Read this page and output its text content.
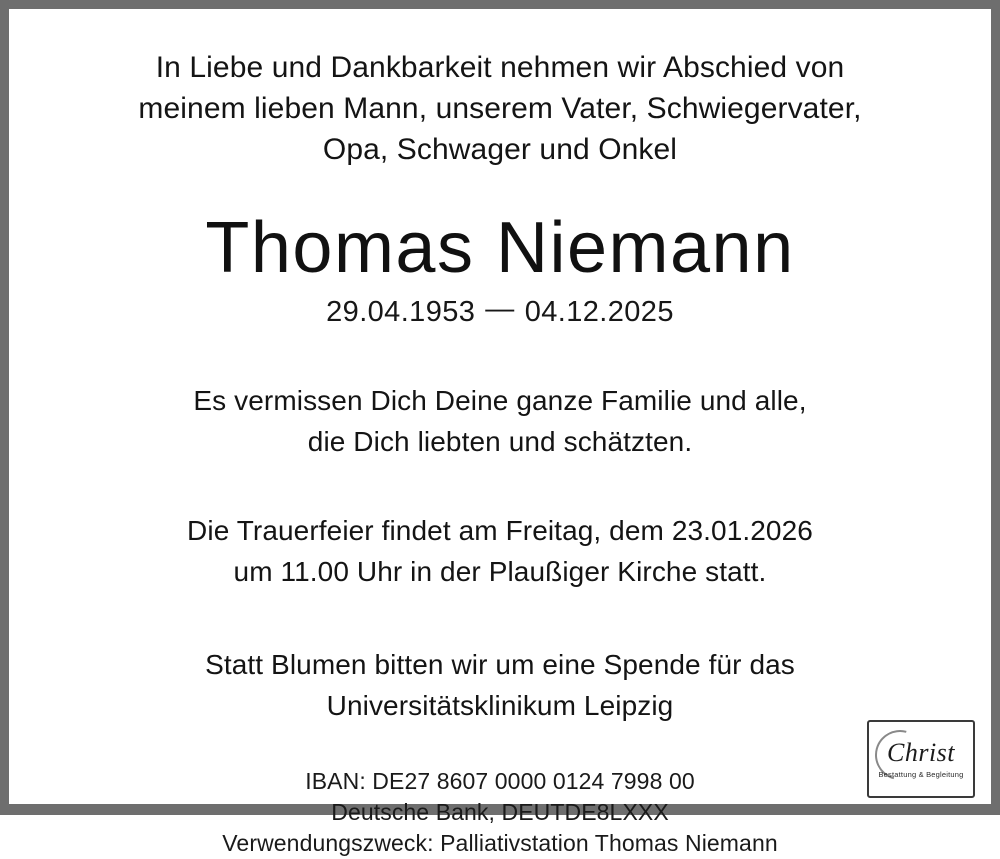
In Liebe und Dankbarkeit nehmen wir Abschied von
meinem lieben Mann, unserem Vater, Schwiegervater,
Opa, Schwager und Onkel
Thomas Niemann
29.04.1953 — 04.12.2025
Es vermissen Dich Deine ganze Familie und alle,
die Dich liebten und schätzten.
Die Trauerfeier findet am Freitag, dem 23.01.2026
um 11.00 Uhr in der Plaußiger Kirche statt.
Statt Blumen bitten wir um eine Spende für das
Universitätsklinikum Leipzig
IBAN: DE27 8607 0000 0124 7998 00
Deutsche Bank, DEUTDE8LXXX
Verwendungszweck: Palliativstation Thomas Niemann
Christ
Bestattung & Begleitung
